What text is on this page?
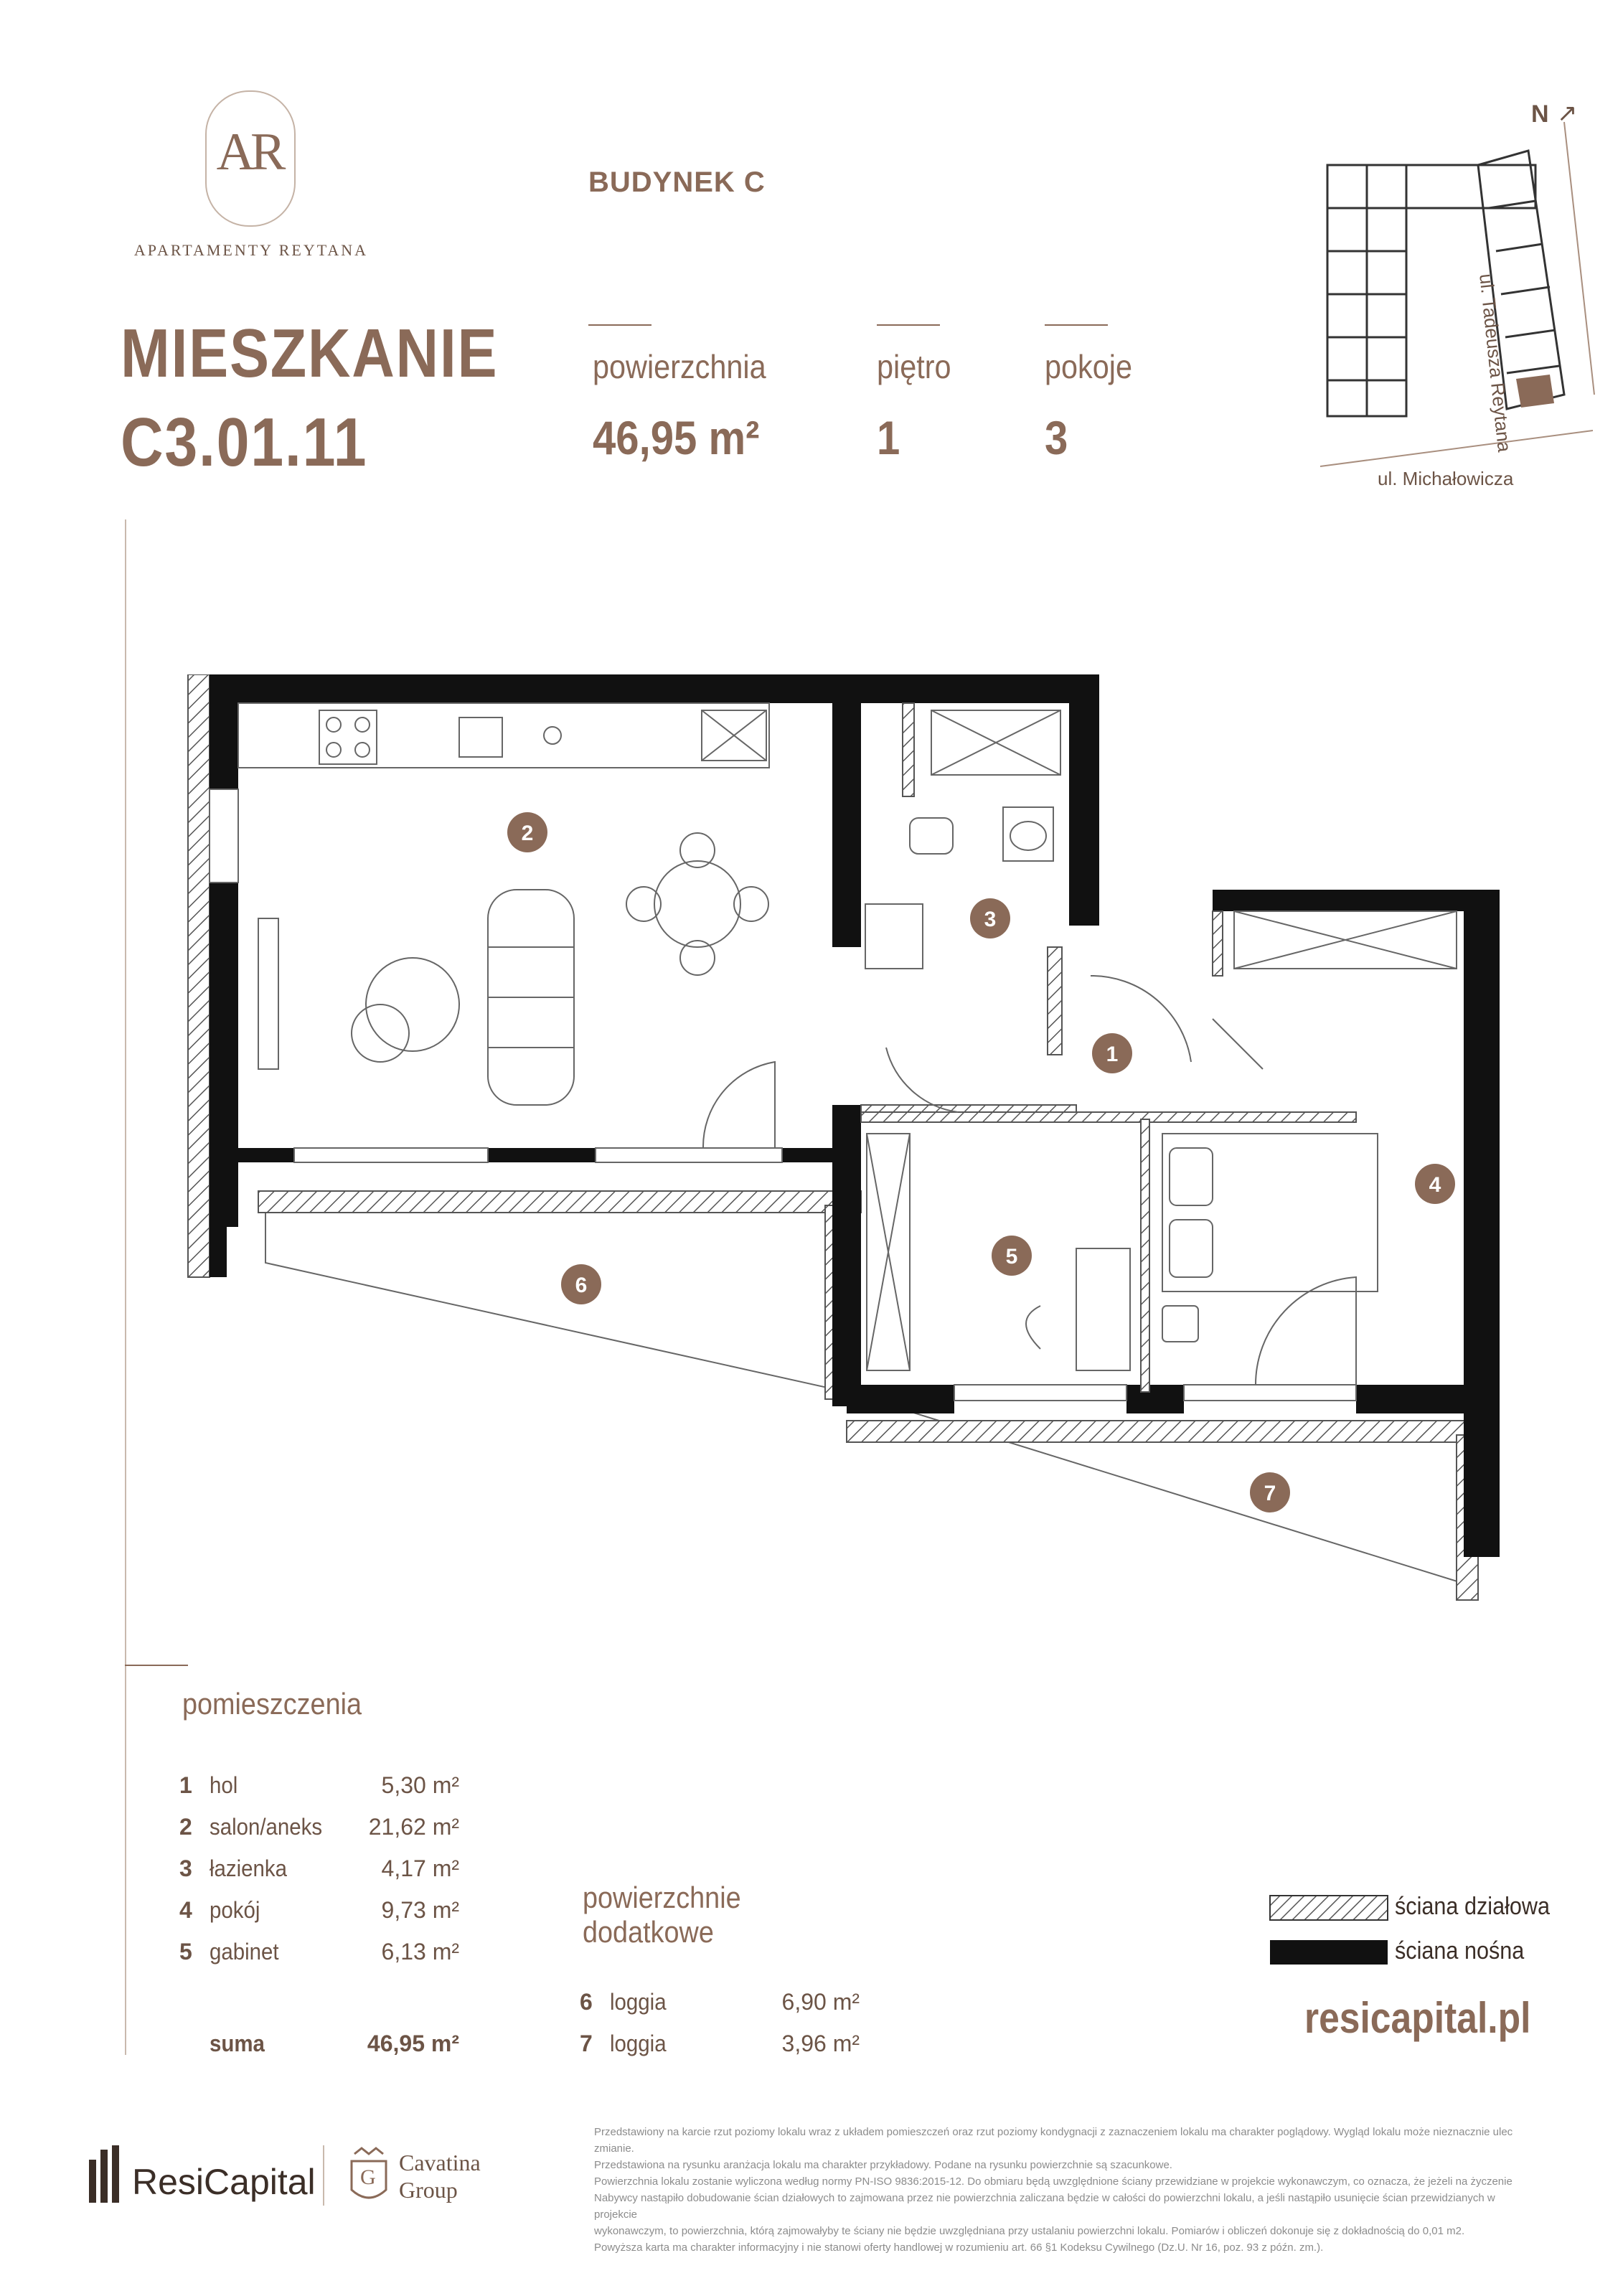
AR
APARTAMENTY REYTANA
BUDYNEK C
MIESZKANIE
C3.01.11
powierzchnia
46,95 m²
piętro
1
pokoje
3
N ↗
ul. Tadeusza Reytana
ul. Michałowicza
2
3
1
4
5
6
7
pomieszczenia
1 hol	5,30 m²
2 salon/aneks 21,62 m²
3 łazienka	4,17 m²
4 pokój	9,73 m²
5 gabinet	6,13 m²
suma	46,95 m²
powierzchnie
dodatkowe
6 loggia	6,90 m²
7 loggia	3,96 m²
ściana działowa
ściana nośna
resicapital.pl
ResiCapital G
Cavatina
Group
Przedstawiony na karcie rzut poziomy lokalu wraz z układem pomieszczeń oraz rzut poziomy kondygnacji z zaznaczeniem lokalu ma charakter poglądowy. Wygląd lokalu może nieznacznie ulec zmianie.
Przedstawiona na rysunku aranżacja lokalu ma charakter przykładowy. Podane na rysunku powierzchnie są szacunkowe.
Powierzchnia lokalu zostanie wyliczona według normy PN-ISO 9836:2015-12. Do obmiaru będą uwzględnione ściany przewidziane w projekcie wykonawczym, co oznacza, że jeżeli na życzenie
Nabywcy nastąpiło dobudowanie ścian działowych to zajmowana przez nie powierzchnia zaliczana będzie w całości do powierzchni lokalu, a jeśli nastąpiło usunięcie ścian przewidzianych w projekcie
wykonawczym, to powierzchnia, którą zajmowałyby te ściany nie będzie uwzględniana przy ustalaniu powierzchni lokalu. Pomiarów i obliczeń dokonuje się z dokładnością do 0,01 m2.
Powyższa karta ma charakter informacyjny i nie stanowi oferty handlowej w rozumieniu art. 66 §1 Kodeksu Cywilnego (Dz.U. Nr 16, poz. 93 z późn. zm.).
